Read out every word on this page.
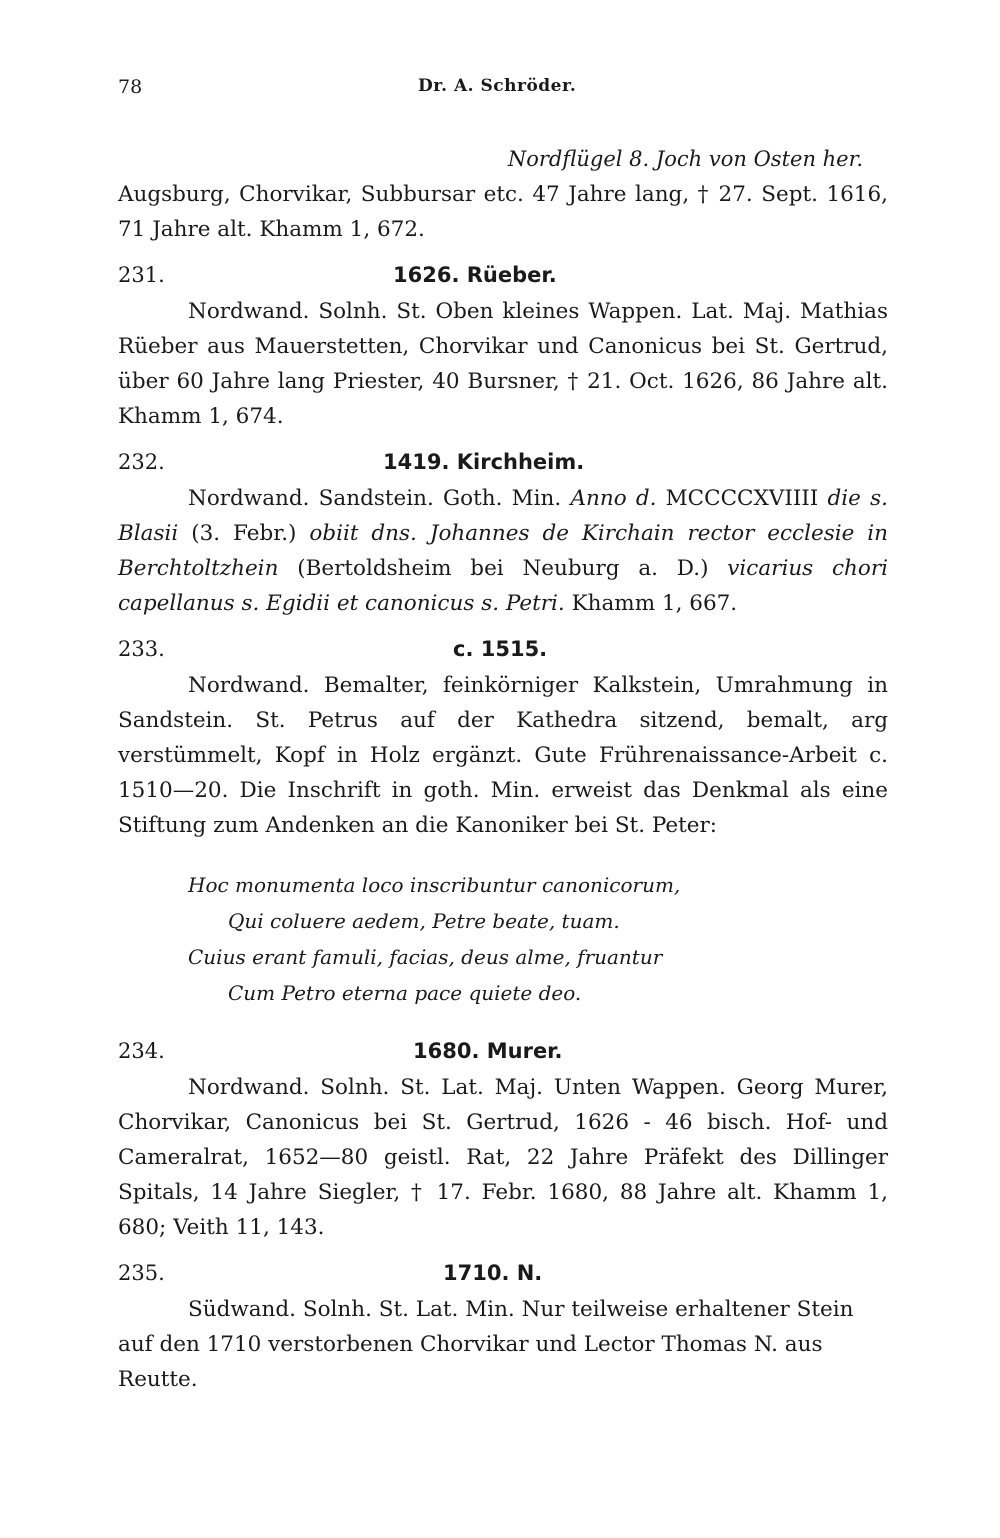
78	Dr. A. Schröder.
Nordflügel 8. Joch von Osten her.

Augsburg, Chorvikar, Subbursar etc. 47 Jahre lang, † 27. Sept. 1616, 71 Jahre alt. Khamm 1, 672.

231.	1626. Rüeber.

Nordwand. Solnh. St. Oben kleines Wappen. Lat. Maj. Mathias Rüeber aus Mauerstetten, Chorvikar und Canonicus bei St. Gertrud, über 60 Jahre lang Priester, 40 Bursner, † 21. Oct. 1626, 86 Jahre alt. Khamm 1, 674.

232.	1419. Kirchheim.

Nordwand. Sandstein. Goth. Min. Anno d. MCCCCXVIIII die s. Blasii (3. Febr.) obiit dns. Johannes de Kirchain rector ecclesie in Berchtoltzhein (Bertoldsheim bei Neuburg a. D.) vicarius chori capellanus s. Egidii et canonicus s. Petri. Khamm 1, 667.

233.	c. 1515.

Nordwand. Bemalter, feinkörniger Kalkstein, Umrahmung in Sandstein. St. Petrus auf der Kathedra sitzend, bemalt, arg verstümmelt, Kopf in Holz ergänzt. Gute Frührenaissance-Arbeit c. 1510—20. Die Inschrift in goth. Min. erweist das Denkmal als eine Stiftung zum Andenken an die Kanoniker bei St. Peter:

Hoc monumenta loco inscribuntur canonicorum,
Qui coluere aedem, Petre beate, tuam.
Cuius erant famuli, facias, deus alme, fruantur
Cum Petro eterna pace quiete deo.
234.	1680. Murer.

Nordwand. Solnh. St. Lat. Maj. Unten Wappen. Georg Murer, Chorvikar, Canonicus bei St. Gertrud, 1626 - 46 bisch. Hof- und Cameralrat, 1652—80 geistl. Rat, 22 Jahre Präfekt des Dillinger Spitals, 14 Jahre Siegler, † 17. Febr. 1680, 88 Jahre alt. Khamm 1, 680; Veith 11, 143.

235.	1710. N.

Südwand. Solnh. St. Lat. Min. Nur teilweise erhaltener Stein auf den 1710 verstorbenen Chorvikar und Lector Thomas N. aus Reutte.
